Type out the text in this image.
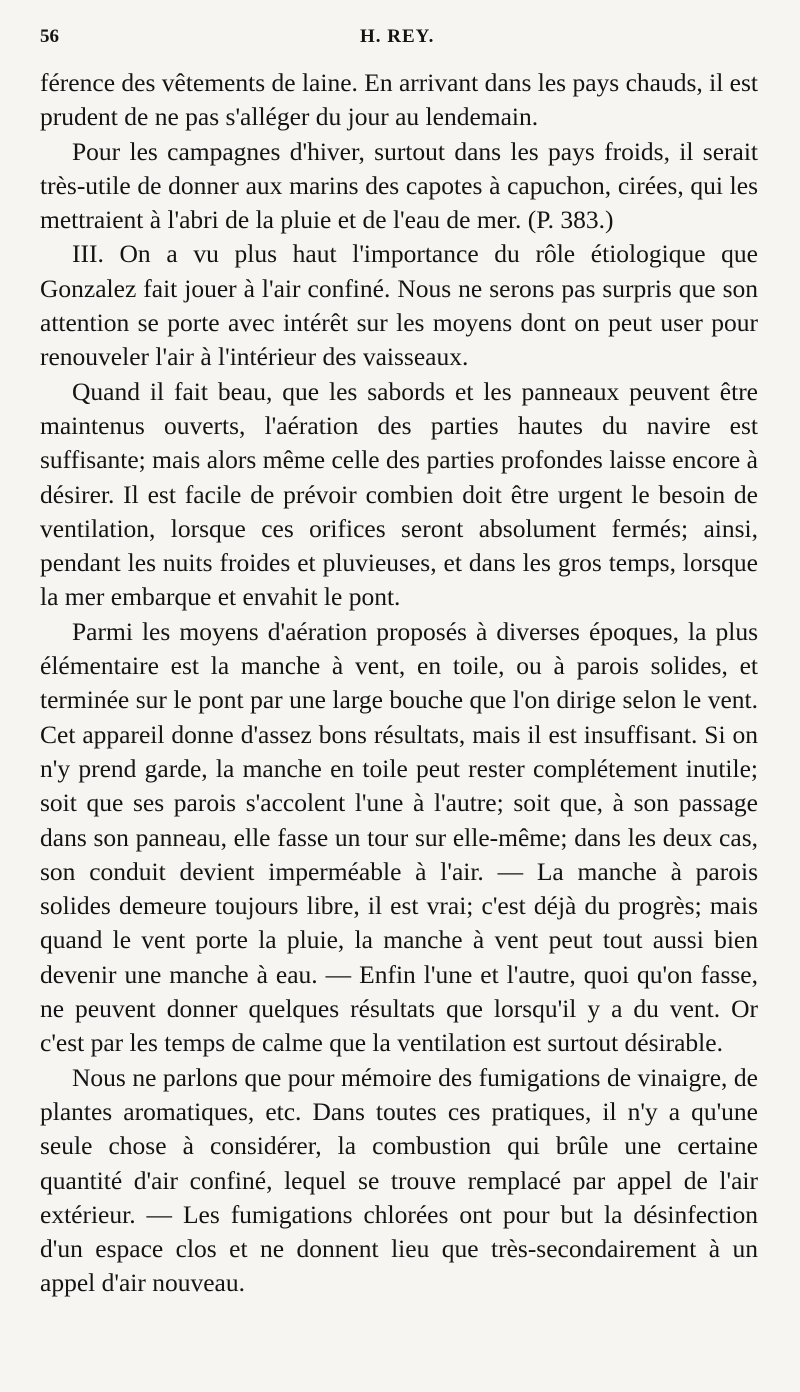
56	H. REY.

férence des vêtements de laine. En arrivant dans les pays chauds, il est prudent de ne pas s'alléger du jour au lendemain.

Pour les campagnes d'hiver, surtout dans les pays froids, il serait très-utile de donner aux marins des capotes à capuchon, cirées, qui les mettraient à l'abri de la pluie et de l'eau de mer. (P. 383.)

III. On a vu plus haut l'importance du rôle étiologique que Gonzalez fait jouer à l'air confiné. Nous ne serons pas surpris que son attention se porte avec intérêt sur les moyens dont on peut user pour renouveler l'air à l'intérieur des vaisseaux.

Quand il fait beau, que les sabords et les panneaux peuvent être maintenus ouverts, l'aération des parties hautes du navire est suffisante; mais alors même celle des parties profondes laisse encore à désirer. Il est facile de prévoir combien doit être urgent le besoin de ventilation, lorsque ces orifices seront absolument fermés; ainsi, pendant les nuits froides et pluvieuses, et dans les gros temps, lorsque la mer embarque et envahit le pont.

Parmi les moyens d'aération proposés à diverses époques, la plus élémentaire est la manche à vent, en toile, ou à parois solides, et terminée sur le pont par une large bouche que l'on dirige selon le vent. Cet appareil donne d'assez bons résultats, mais il est insuffisant. Si on n'y prend garde, la manche en toile peut rester complétement inutile; soit que ses parois s'accolent l'une à l'autre; soit que, à son passage dans son panneau, elle fasse un tour sur elle-même; dans les deux cas, son conduit devient imperméable à l'air. — La manche à parois solides demeure toujours libre, il est vrai; c'est déjà du progrès; mais quand le vent porte la pluie, la manche à vent peut tout aussi bien devenir une manche à eau. — Enfin l'une et l'autre, quoi qu'on fasse, ne peuvent donner quelques résultats que lorsqu'il y a du vent. Or c'est par les temps de calme que la ventilation est surtout désirable.

Nous ne parlons que pour mémoire des fumigations de vinaigre, de plantes aromatiques, etc. Dans toutes ces pratiques, il n'y a qu'une seule chose à considérer, la combustion qui brûle une certaine quantité d'air confiné, lequel se trouve remplacé par appel de l'air extérieur. — Les fumigations chlorées ont pour but la désinfection d'un espace clos et ne donnent lieu que très-secondairement à un appel d'air nouveau.
